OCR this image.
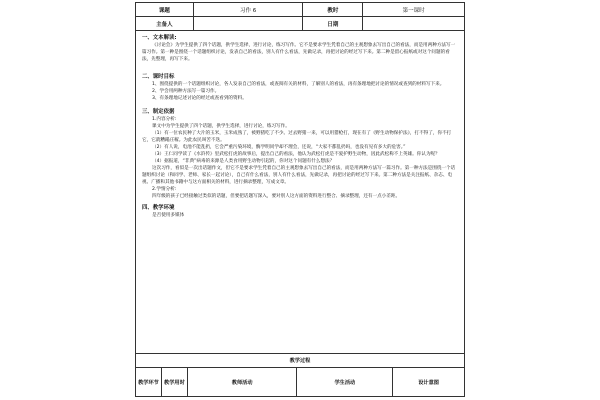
课题	习作 6	教时	第一课时
主备人		日期	
一、文本解读:

《讨论会》为学生提供了四个话题，供学生选择，进行讨论，练习写作。它不是要求学生凭着自己的主观想象去写出自己的看法，而是用两种方法写一篇习作。第一种是围绕一个话题组织讨论，发表自己的看法，别人有什么看法，先做记录，再把讨论的经过写下来。第二种是留心报纸或对这个问题的看法，先整理，再写下来。

二、课时目标

1、围绕提供的一个话题组织讨论，各人发表自己的看法，或查阅有关的材料，了解别人的看法，再有条理地把讨论的情况或查到的材料写下来。

2、学会用两种方法写一篇习作。

3、有条理地记述讨论的经过或查看到的资料。

三、制定依据

1.内容分析:

课文中为学生提供了四个话题，供学生选择，进行讨论，练习写作。

（1）有一位农民种了大片的玉米，玉米成熟了，被野猪吃了不少。过去野猪一来，可以用猎枪打，现在有了《野生动物保护法》，打不得了，你不打它，它就糟蹋庄稼。为此农民叫苦不迭。

（2）有人说，电池不能乱扔，它会严重污染环境，酶学明同学却不理会，还说，“大家不都乱扔吗，也没有见有多大的危害。”

（3）王仁同学读了《水浒传》里武松打虎的故事后，提出自己的看法，他认为武松打虎是不爱护野生动物，因此武松称不上英雄。你认为呢？

（4）据报道，“非典”病毒的来源是人类食用野生动物引起的，你对这个问题有什么想法？

这次习作，看似是一次出话题作文，但它不是要求学生凭着自己的主观想象去写出自己的看法，而是用两种方法写一篇习作。第一种方法是围绕一个话题组织讨论（和同学、老师、家长一起讨论），自己有什么看法，别人有什么看法，先做记录，再把讨论的经过写下来。第二种方法是关注报纸、杂志、电视、广播和其他书籍中与这方面相关的材料，进行摘录整理，写成文章。

2.学情分析:

四年级的孩子已经接触过类似的话题，但要把话题写深入，要对别人这方面的资料进行整合、摘录整理，还有一点小差距。

四、教学环境

是否使用多媒体

教学过程
教学环节	教学用时	教师活动	学生活动	设计意图
